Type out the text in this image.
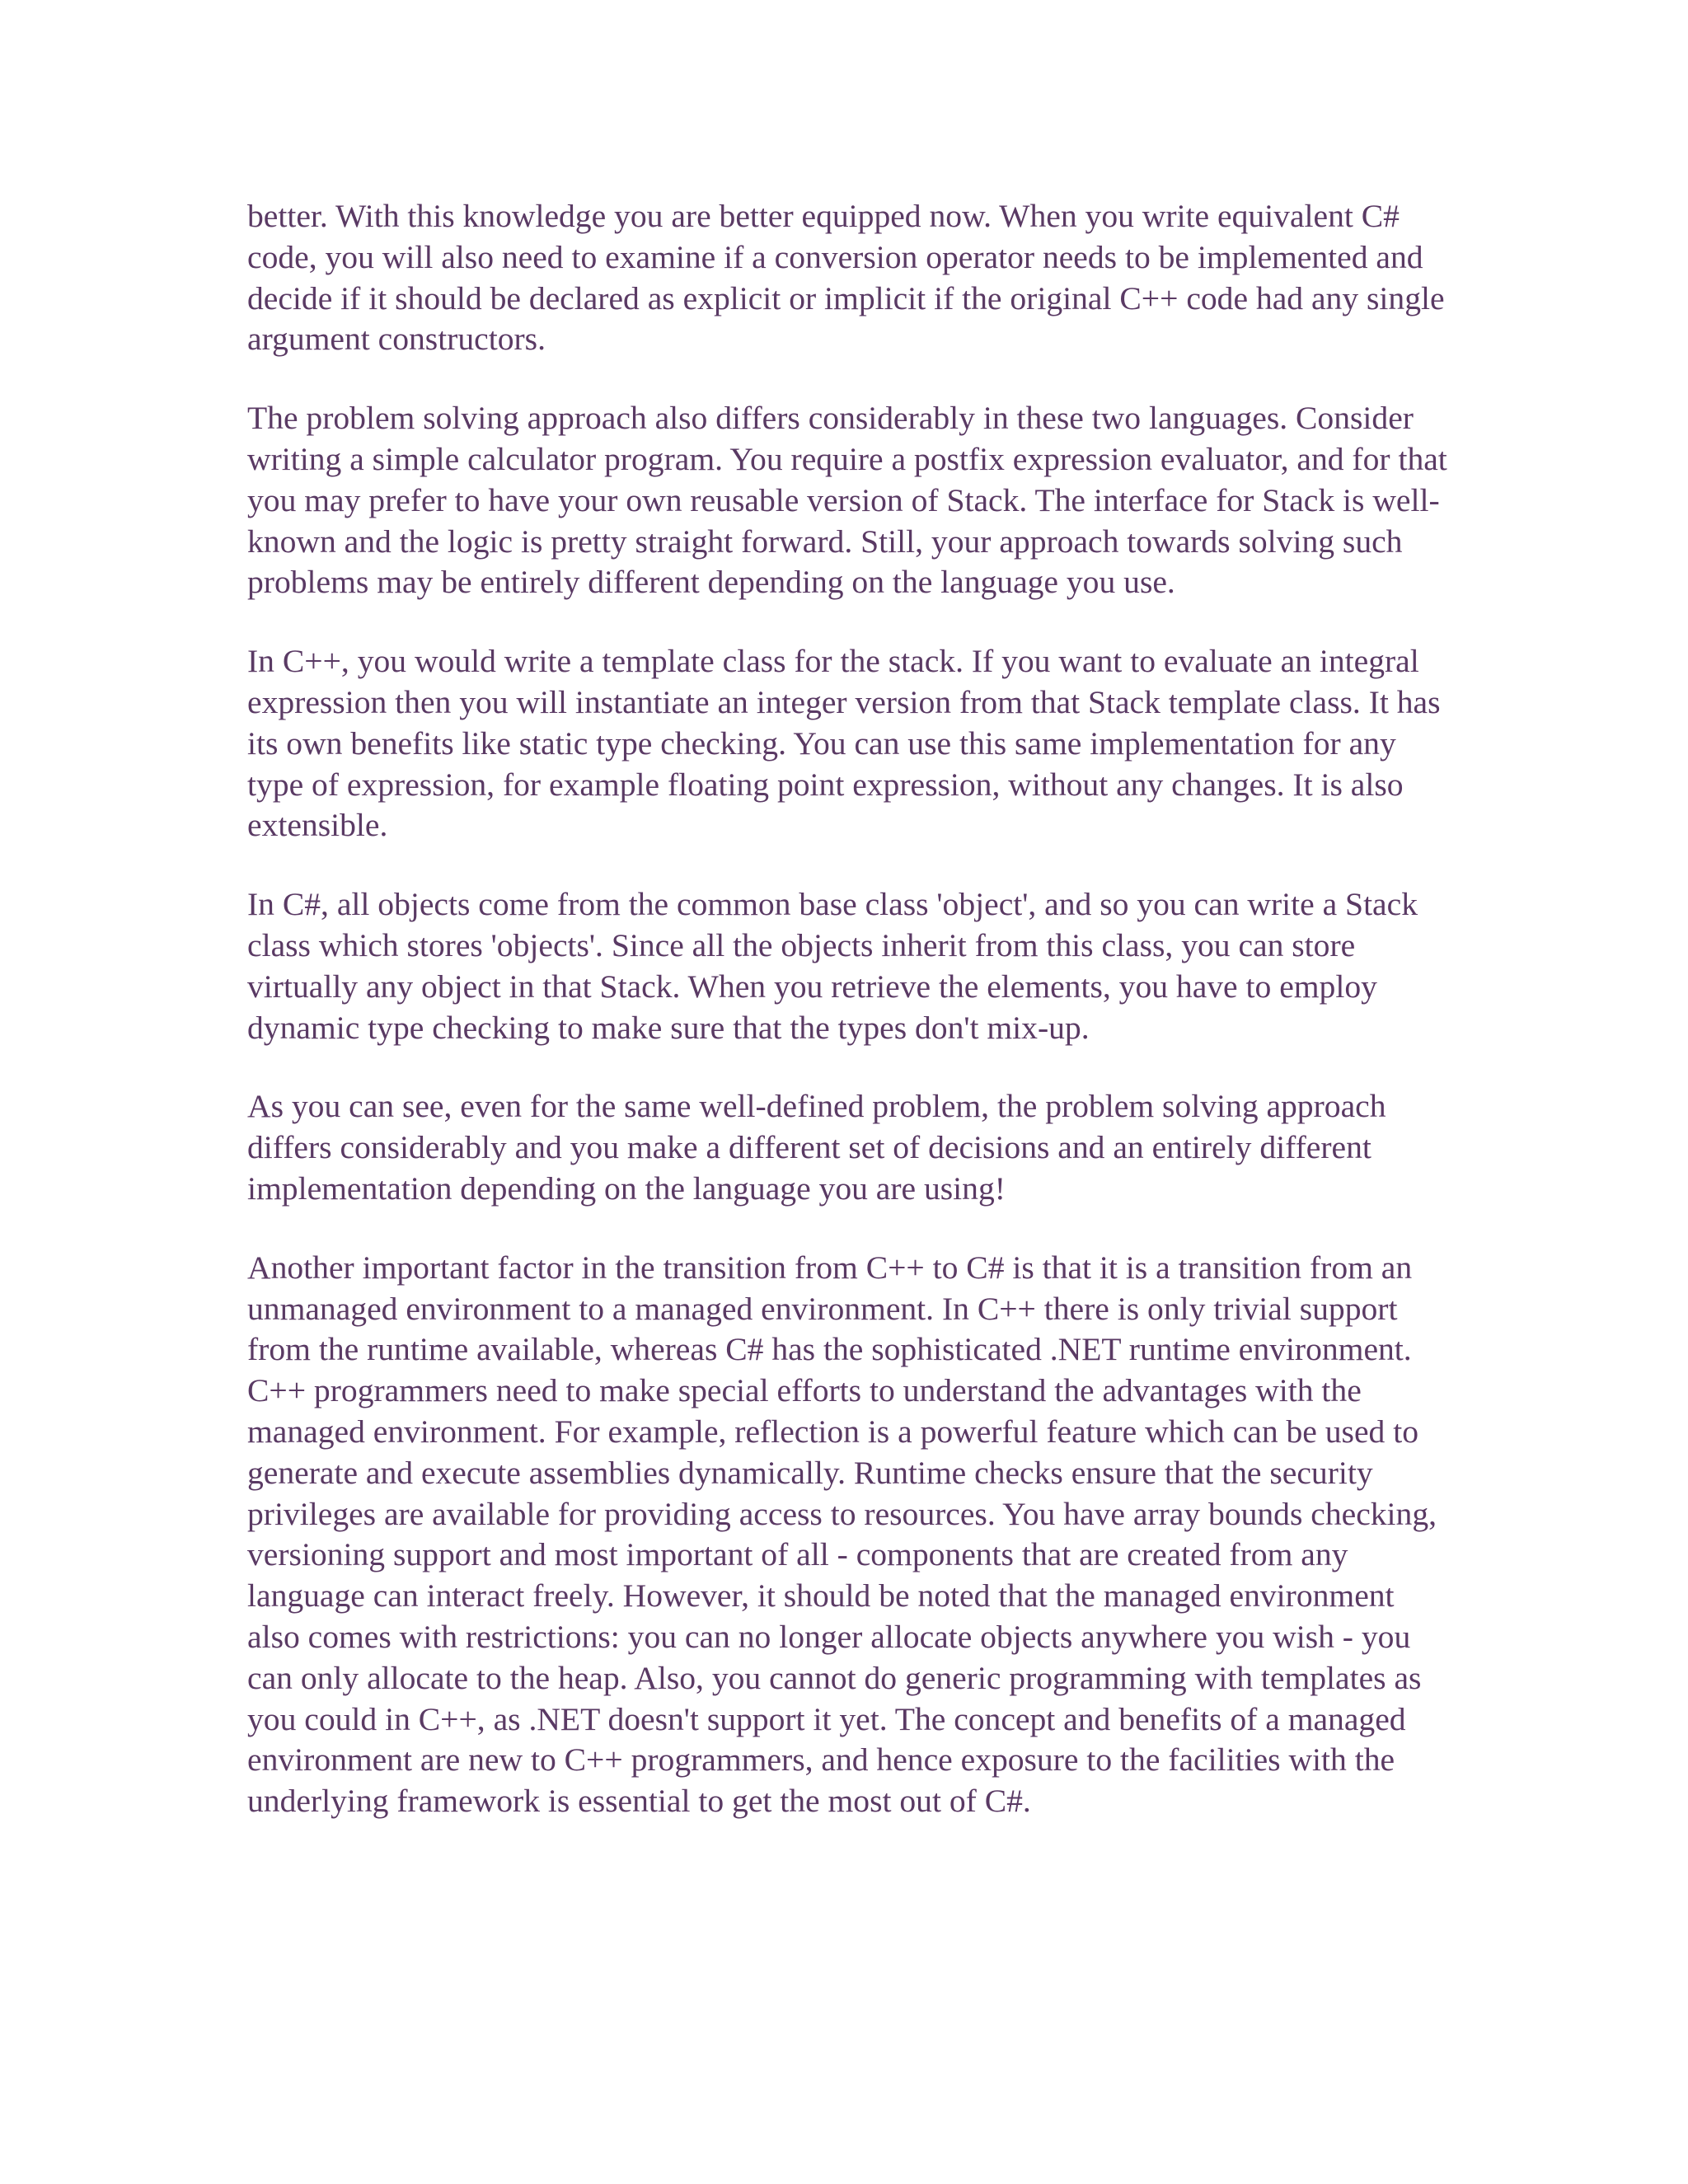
better. With this knowledge you are better equipped now. When you write equivalent C# code, you will also need to examine if a conversion operator needs to be implemented and decide if it should be declared as explicit or implicit if the original C++ code had any single argument constructors.

The problem solving approach also differs considerably in these two languages. Consider writing a simple calculator program. You require a postfix expression evaluator, and for that you may prefer to have your own reusable version of Stack. The interface for Stack is well-known and the logic is pretty straight forward. Still, your approach towards solving such problems may be entirely different depending on the language you use.

In C++, you would write a template class for the stack. If you want to evaluate an integral expression then you will instantiate an integer version from that Stack template class. It has its own benefits like static type checking. You can use this same implementation for any type of expression, for example floating point expression, without any changes. It is also extensible.

In C#, all objects come from the common base class 'object', and so you can write a Stack class which stores 'objects'. Since all the objects inherit from this class, you can store virtually any object in that Stack. When you retrieve the elements, you have to employ dynamic type checking to make sure that the types don't mix-up.

As you can see, even for the same well-defined problem, the problem solving approach differs considerably and you make a different set of decisions and an entirely different implementation depending on the language you are using!

Another important factor in the transition from C++ to C# is that it is a transition from an unmanaged environment to a managed environment. In C++ there is only trivial support from the runtime available, whereas C# has the sophisticated .NET runtime environment. C++ programmers need to make special efforts to understand the advantages with the managed environment. For example, reflection is a powerful feature which can be used to generate and execute assemblies dynamically. Runtime checks ensure that the security privileges are available for providing access to resources. You have array bounds checking, versioning support and most important of all - components that are created from any language can interact freely. However, it should be noted that the managed environment also comes with restrictions: you can no longer allocate objects anywhere you wish - you can only allocate to the heap. Also, you cannot do generic programming with templates as you could in C++, as .NET doesn't support it yet. The concept and benefits of a managed environment are new to C++ programmers, and hence exposure to the facilities with the underlying framework is essential to get the most out of C#.
